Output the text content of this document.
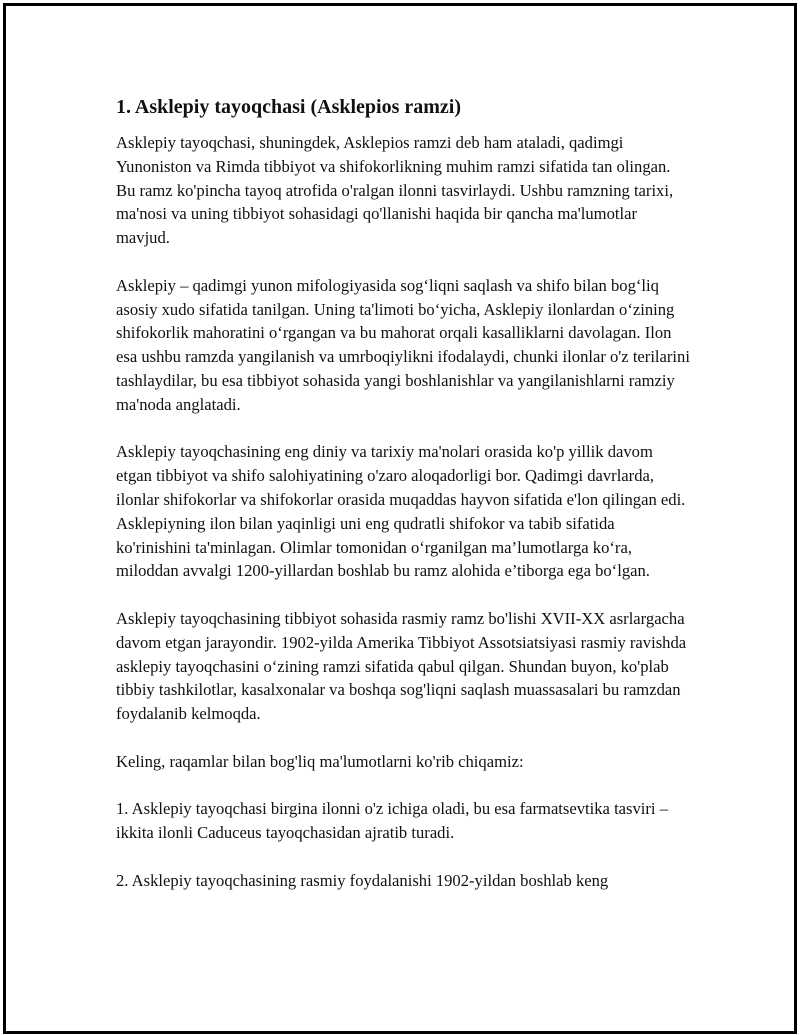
1. Asklepiy tayoqchasi (Asklepios ramzi)

Asklepiy tayoqchasi, shuningdek, Asklepios ramzi deb ham ataladi, qadimgi Yunoniston va Rimda tibbiyot va shifokorlikning muhim ramzi sifatida tan olingan. Bu ramz ko'pincha tayoq atrofida o'ralgan ilonni tasvirlaydi. Ushbu ramzning tarixi, ma'nosi va uning tibbiyot sohasidagi qo'llanishi haqida bir qancha ma'lumotlar mavjud.

Asklepiy – qadimgi yunon mifologiyasida sog‘liqni saqlash va shifo bilan bog‘liq asosiy xudo sifatida tanilgan. Uning ta'limoti bo‘yicha, Asklepiy ilonlardan o‘zining shifokorlik mahoratini o‘rgangan va bu mahorat orqali kasalliklarni davolagan. Ilon esa ushbu ramzda yangilanish va umrboqiylikni ifodalaydi, chunki ilonlar o'z terilarini tashlaydilar, bu esa tibbiyot sohasida yangi boshlanishlar va yangilanishlarni ramziy ma'noda anglatadi.

Asklepiy tayoqchasining eng diniy va tarixiy ma'nolari orasida ko'p yillik davom etgan tibbiyot va shifo salohiyatining o'zaro aloqadorligi bor. Qadimgi davrlarda, ilonlar shifokorlar va shifokorlar orasida muqaddas hayvon sifatida e'lon qilingan edi. Asklepiyning ilon bilan yaqinligi uni eng qudratli shifokor va tabib sifatida ko'rinishini ta'minlagan. Olimlar tomonidan o‘rganilgan ma’lumotlarga ko‘ra, miloddan avvalgi 1200-yillardan boshlab bu ramz alohida e’tiborga ega bo‘lgan.

Asklepiy tayoqchasining tibbiyot sohasida rasmiy ramz bo'lishi XVII-XX asrlargacha davom etgan jarayondir. 1902-yilda Amerika Tibbiyot Assotsiatsiyasi rasmiy ravishda asklepiy tayoqchasini o‘zining ramzi sifatida qabul qilgan. Shundan buyon, ko'plab tibbiy tashkilotlar, kasalxonalar va boshqa sog'liqni saqlash muassasalari bu ramzdan foydalanib kelmoqda.

Keling, raqamlar bilan bog'liq ma'lumotlarni ko'rib chiqamiz:

1. Asklepiy tayoqchasi birgina ilonni o'z ichiga oladi, bu esa farmatsevtika tasviri – ikkita ilonli Caduceus tayoqchasidan ajratib turadi.

2. Asklepiy tayoqchasining rasmiy foydalanishi 1902-yildan boshlab keng
